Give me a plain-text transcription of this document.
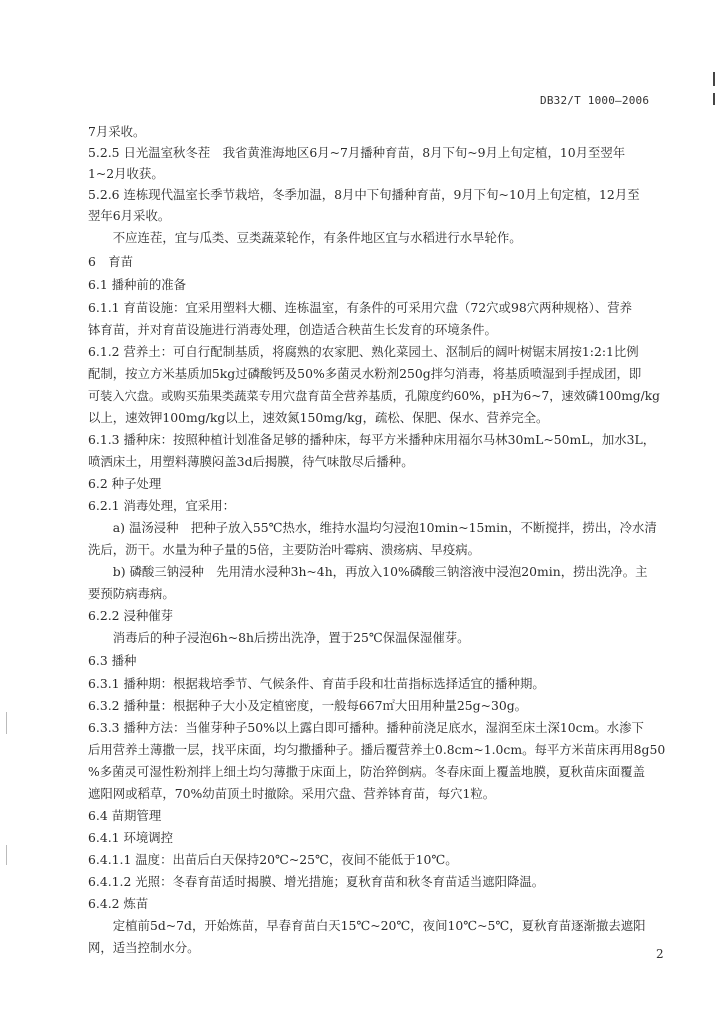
DB32/T 1000—2006
7月采收。
5.2.5 日光温室秋冬茬　我省黄淮海地区6月~7月播种育苗，8月下旬~9月上旬定植，10月至翌年
1~2月收获。
5.2.6 连栋现代温室长季节栽培，冬季加温，8月中下旬播种育苗，9月下旬~10月上旬定植，12月至
翌年6月采收。
　　不应连茬，宜与瓜类、豆类蔬菜轮作，有条件地区宜与水稻进行水旱轮作。
6　育苗
6.1 播种前的准备
6.1.1 育苗设施：宜采用塑料大棚、连栋温室，有条件的可采用穴盘（72穴或98穴两种规格）、营养
钵育苗，并对育苗设施进行消毒处理，创造适合秧苗生长发育的环境条件。
6.1.2 营养土：可自行配制基质，将腐熟的农家肥、熟化菜园土、沤制后的阔叶树锯末屑按1:2:1比例
配制，按立方米基质加5kg过磷酸钙及50%多菌灵水粉剂250g拌匀消毒，将基质喷湿到手捏成团，即
可装入穴盘。或购买茄果类蔬菜专用穴盘育苗全营养基质，孔隙度约60%，pH为6~7，速效磷100mg/kg
以上，速效钾100mg/kg以上，速效氮150mg/kg，疏松、保肥、保水、营养完全。
6.1.3 播种床：按照种植计划准备足够的播种床，每平方米播种床用福尔马林30mL~50mL，加水3L，
喷洒床土，用塑料薄膜闷盖3d后揭膜，待气味散尽后播种。
6.2 种子处理
6.2.1 消毒处理，宜采用：
　　a) 温汤浸种　把种子放入55℃热水，维持水温均匀浸泡10min~15min，不断搅拌，捞出，冷水清
洗后，沥干。水量为种子量的5倍，主要防治叶霉病、溃疡病、早疫病。
　　b) 磷酸三钠浸种　先用清水浸种3h~4h，再放入10%磷酸三钠溶液中浸泡20min，捞出洗净。主
要预防病毒病。
6.2.2 浸种催芽
　　消毒后的种子浸泡6h~8h后捞出洗净，置于25℃保温保湿催芽。
6.3 播种
6.3.1 播种期：根据栽培季节、气候条件、育苗手段和壮苗指标选择适宜的播种期。
6.3.2 播种量：根据种子大小及定植密度，一般每667㎡大田用种量25g~30g。
6.3.3 播种方法：当催芽种子50%以上露白即可播种。播种前浇足底水，湿润至床土深10cm。水渗下
后用营养土薄撒一层，找平床面，均匀撒播种子。播后覆营养土0.8cm~1.0cm。每平方米苗床再用8g50
%多菌灵可湿性粉剂拌上细土均匀薄撒于床面上，防治猝倒病。冬春床面上覆盖地膜，夏秋苗床面覆盖
遮阳网或稻草，70%幼苗顶土时撤除。采用穴盘、营养钵育苗，每穴1粒。
6.4 苗期管理
6.4.1 环境调控
6.4.1.1 温度：出苗后白天保持20℃~25℃，夜间不能低于10℃。
6.4.1.2 光照：冬春育苗适时揭膜、增光措施；夏秋育苗和秋冬育苗适当遮阳降温。
6.4.2 炼苗
　　定植前5d~7d，开始炼苗，早春育苗白天15℃~20℃，夜间10℃~5℃，夏秋育苗逐渐撤去遮阳
网，适当控制水分。	2
